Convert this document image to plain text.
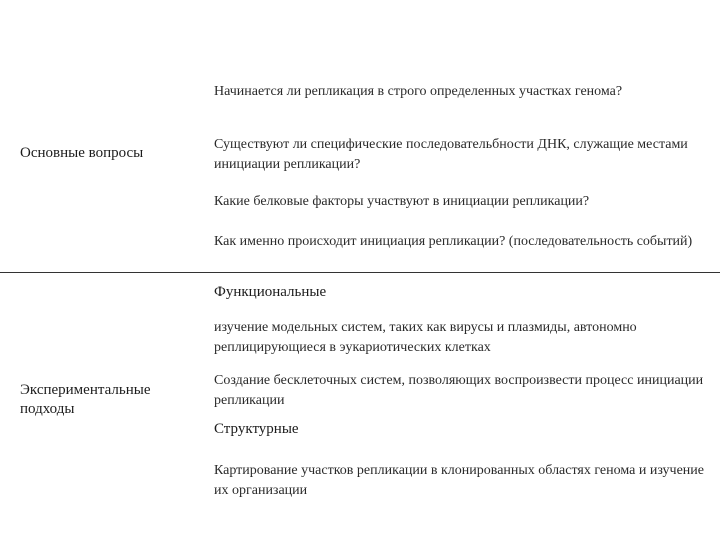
Основные вопросы
Начинается ли репликация в строго определенных участках генома?
Существуют ли специфические последовательбности ДНК, служащие местами инициации репликации?
Какие белковые факторы участвуют в инициации репликации?
Как именно происходит инициация репликации? (последовательность событий)
Экспериментальные подходы
Функциональные
изучение модельных систем, таких как вирусы и плазмиды, автономно реплицирующиеся в эукариотических клетках
Создание бесклеточных систем, позволяющих воспроизвести процесс инициации репликации
Структурные
Картирование участков репликации в клонированных областях генома и изучение их организации
